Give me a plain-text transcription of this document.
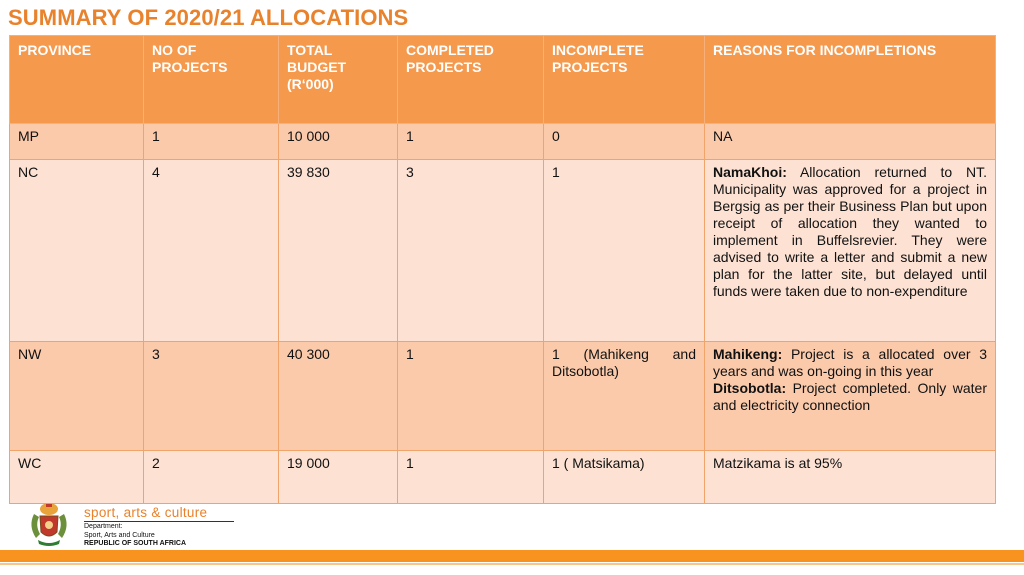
SUMMARY OF 2020/21 ALLOCATIONS
PROVINCE	NO OF PROJECTS	TOTAL BUDGET (R‘000)	COMPLETED PROJECTS	INCOMPLETE PROJECTS	REASONS FOR INCOMPLETIONS
MP	1	10 000	1	0	NA
NC	4	39 830	3	1	NamaKhoi: Allocation returned to NT. Municipality was approved for a project in Bergsig as per their Business Plan but upon receipt of allocation they wanted to implement in Buffelsrevier. They were advised to write a letter and submit a new plan for the latter site, but delayed until funds were taken due to non-expenditure
NW	3	40 300	1	1 (Mahikeng and Ditsobotla)	Mahikeng: Project is a allocated over 3 years and was on-going in this year
Ditsobotla: Project completed. Only water and electricity connection
WC	2	19 000	1	1 ( Matsikama)	Matzikama is at 95%
sport, arts & culture
Department:
Sport, Arts and Culture
REPUBLIC OF SOUTH AFRICA
